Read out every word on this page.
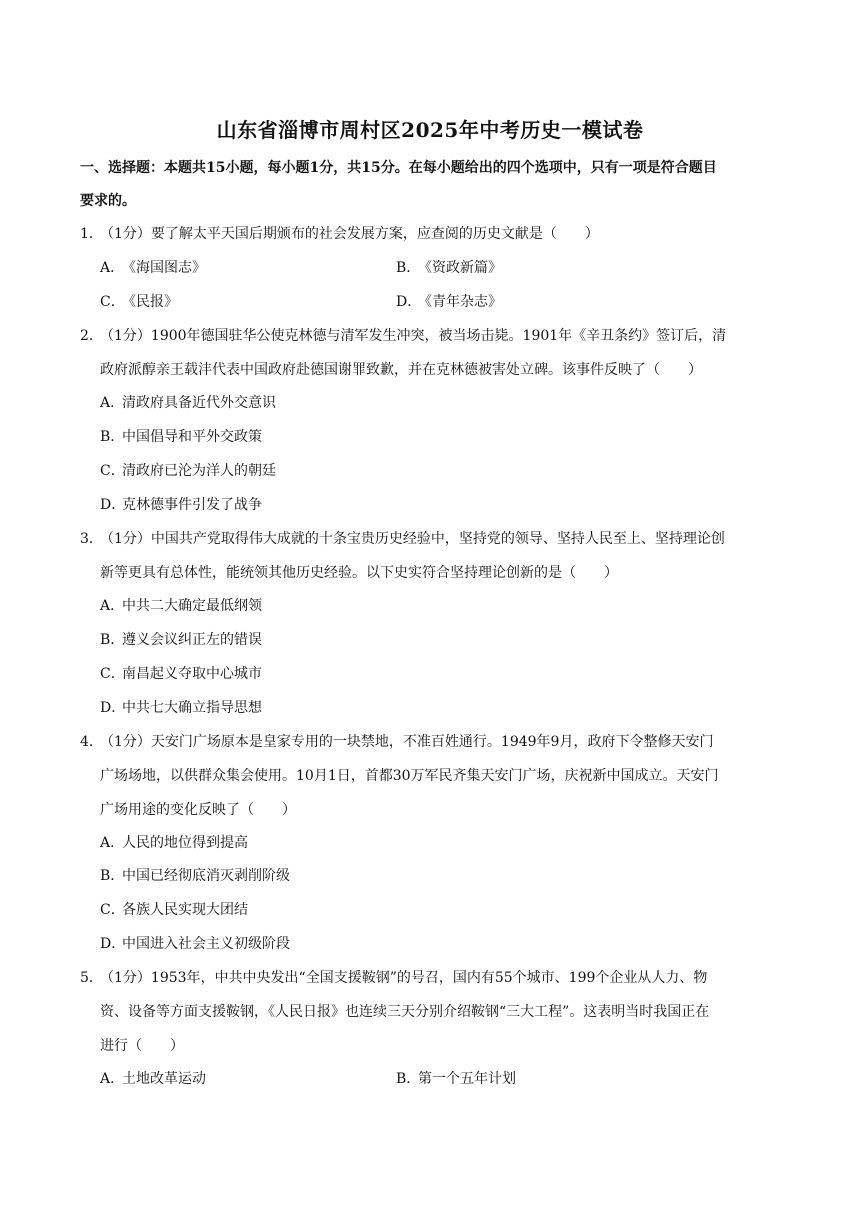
山东省淄博市周村区2025年中考历史一模试卷
一、选择题：本题共15小题，每小题1分，共15分。在每小题给出的四个选项中，只有一项是符合题目
要求的。
1．
（1分）要了解太平天国后期颁布的社会发展方案，应查阅的历史文献是（　　）
A．《海国图志》	B．《资政新篇》
C．《民报》	D．《青年杂志》
2．
（1分）1900年德国驻华公使克林德与清军发生冲突，被当场击毙。1901年《辛丑条约》签订后，清
政府派醇亲王载沣代表中国政府赴德国谢罪致歉，并在克林德被害处立碑。该事件反映了（　　）
A．清政府具备近代外交意识
B．中国倡导和平外交政策
C．清政府已沦为洋人的朝廷
D．克林德事件引发了战争
3．
（1分）中国共产党取得伟大成就的十条宝贵历史经验中，坚持党的领导、坚持人民至上、坚持理论创
新等更具有总体性，能统领其他历史经验。以下史实符合坚持理论创新的是（　　）
A．中共二大确定最低纲领
B．遵义会议纠正左的错误
C．南昌起义夺取中心城市
D．中共七大确立指导思想
4．
（1分）天安门广场原本是皇家专用的一块禁地，不准百姓通行。1949年9月，政府下令整修天安门
广场场地，以供群众集会使用。10月1日，首都30万军民齐集天安门广场，庆祝新中国成立。天安门
广场用途的变化反映了（　　）
A．人民的地位得到提高
B．中国已经彻底消灭剥削阶级
C．各族人民实现大团结
D．中国进入社会主义初级阶段
5．
（1分）1953年，中共中央发出“全国支援鞍钢”的号召，国内有55个城市、199个企业从人力、物
资、设备等方面支援鞍钢，《人民日报》也连续三天分别介绍鞍钢“三大工程”。这表明当时我国正在
进行（　　）
A．土地改革运动	B．第一个五年计划
